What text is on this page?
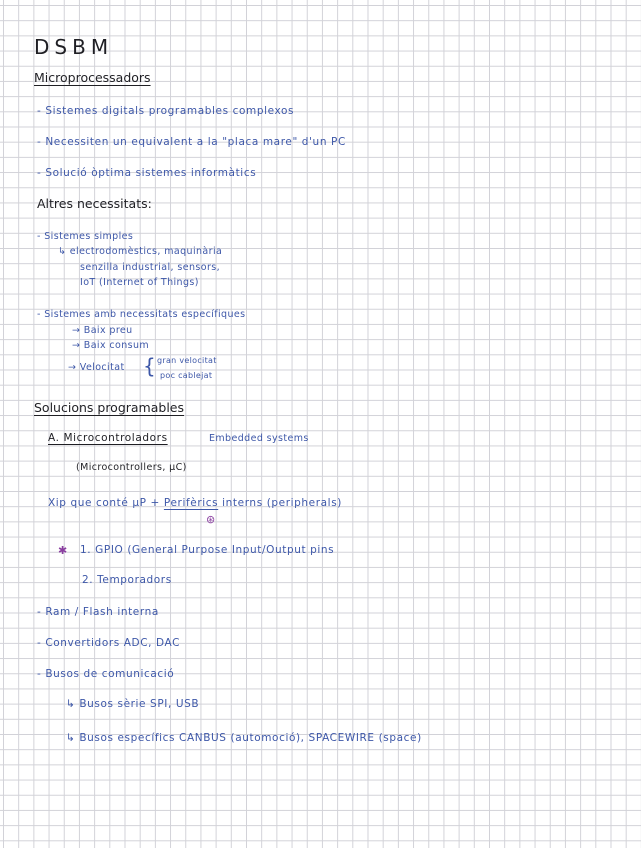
DSBM
Microprocessadors
- Sistemes digitals programables complexos
- Necessiten un equivalent a la "placa mare" d'un PC
- Solució òptima sistemes informàtics
Altres necessitats:
- Sistemes simples
↳ electrodomèstics, maquinària
senzilla industrial, sensors,
IoT (Internet of Things)
- Sistemes amb necessitats específiques
→ Baix preu
→ Baix consum
→ Velocitat { gran velocitat
poc cablejat
Solucions programables
A. Microcontroladors	Embedded systems
(Microcontrollers, μC)
Xip que conté μP + Perifèrics interns (peripherals)
⊛
✱ 1. GPIO (General Purpose Input/Output pins
2. Temporadors
- Ram / Flash interna
- Convertidors ADC, DAC
- Busos de comunicació
↳ Busos sèrie SPI, USB
↳ Busos específics CANBUS (automoció), SPACEWIRE (space)
